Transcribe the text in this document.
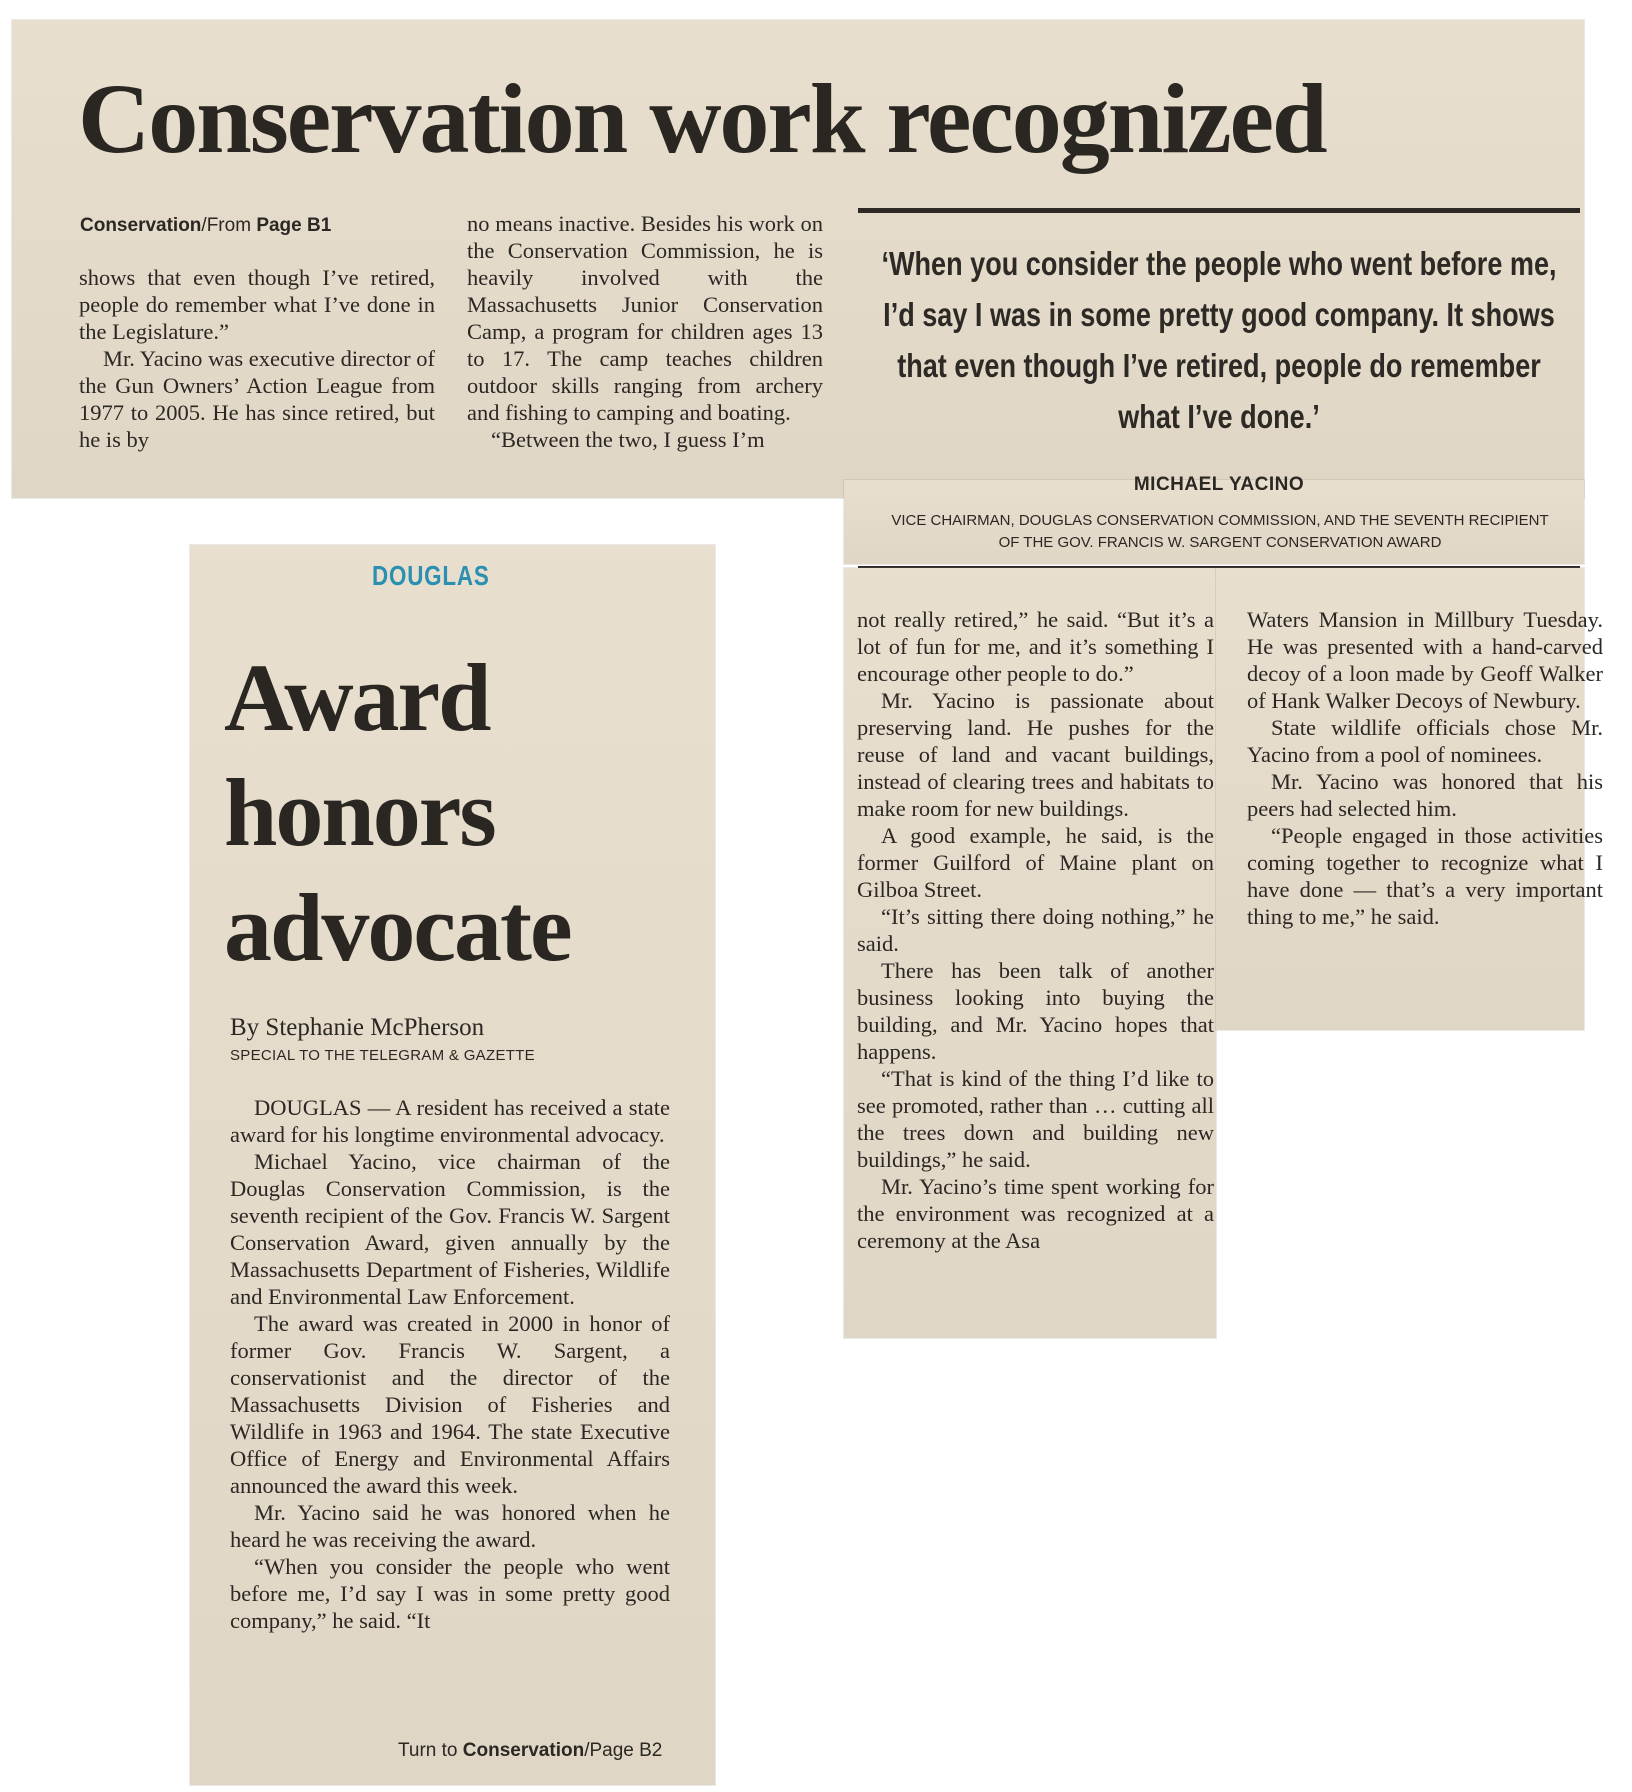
Conservation work recognized
Conservation/From Page B1

shows that even though I’ve retired, people do remember what I’ve done in the Legislature.”

Mr. Yacino was executive director of the Gun Owners’ Action League from 1977 to 2005. He has since retired, but he is by

no means inactive. Besides his work on the Conservation Commission, he is heavily involved with the Massachusetts Junior Conservation Camp, a program for children ages 13 to 17. The camp teaches children outdoor skills ranging from archery and fishing to camping and boating.

“Between the two, I guess I’m

‘When you consider the people who went before me, I’d say I was in some pretty good company. It shows that even though I’ve retired, people do remember what I’ve done.’
MICHAEL YACINO
VICE CHAIRMAN, DOUGLAS CONSERVATION COMMISSION, AND THE SEVENTH RECIPIENT OF THE GOV. FRANCIS W. SARGENT CONSERVATION AWARD

not really retired,” he said. “But it’s a lot of fun for me, and it’s something I encourage other people to do.”

Mr. Yacino is passionate about preserving land. He pushes for the reuse of land and vacant buildings, instead of clearing trees and habitats to make room for new buildings.

A good example, he said, is the former Guilford of Maine plant on Gilboa Street.

“It’s sitting there doing nothing,” he said.

There has been talk of another business looking into buying the building, and Mr. Yacino hopes that happens.

“That is kind of the thing I’d like to see promoted, rather than … cutting all the trees down and building new buildings,” he said.

Mr. Yacino’s time spent working for the environment was recognized at a ceremony at the Asa

Waters Mansion in Millbury Tuesday. He was presented with a hand-carved decoy of a loon made by Geoff Walker of Hank Walker Decoys of Newbury.

State wildlife officials chose Mr. Yacino from a pool of nominees.

Mr. Yacino was honored that his peers had selected him.

“People engaged in those activities coming together to recognize what I have done — that’s a very important thing to me,” he said.

DOUGLAS
Award
honors
advocate
By Stephanie McPherson
SPECIAL TO THE TELEGRAM & GAZETTE

DOUGLAS — A resident has received a state award for his longtime environmental advocacy.

Michael Yacino, vice chairman of the Douglas Conservation Commission, is the seventh recipient of the Gov. Francis W. Sargent Conservation Award, given annually by the Massachusetts Department of Fisheries, Wildlife and Environmental Law Enforcement.

The award was created in 2000 in honor of former Gov. Francis W. Sargent, a conservationist and the director of the Massachusetts Division of Fisheries and Wildlife in 1963 and 1964. The state Executive Office of Energy and Environmental Affairs announced the award this week.

Mr. Yacino said he was honored when he heard he was receiving the award.

“When you consider the people who went before me, I’d say I was in some pretty good company,” he said. “It

Turn to Conservation/Page B2
